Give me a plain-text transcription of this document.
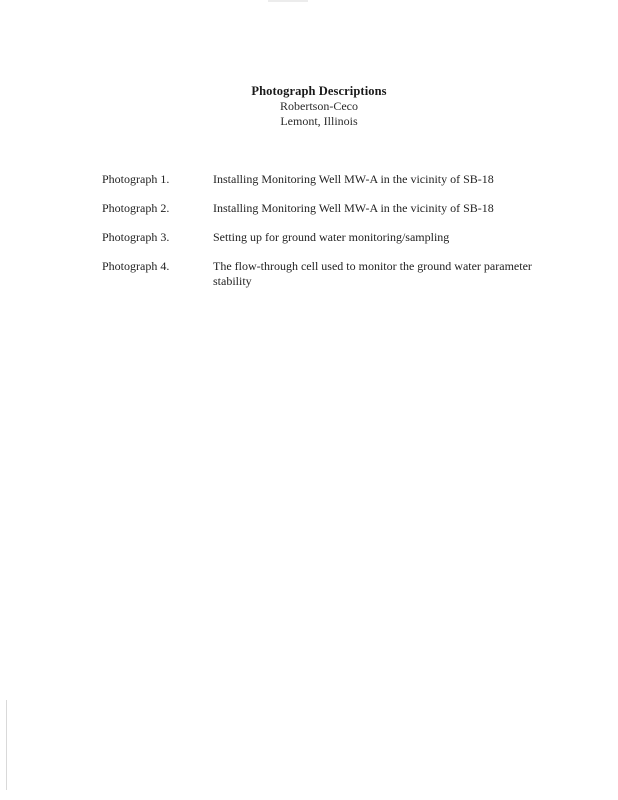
Photograph Descriptions
Robertson-Ceco
Lemont, Illinois
Photograph 1.	Installing Monitoring Well MW-A in the vicinity of SB-18
Photograph 2.	Installing Monitoring Well MW-A in the vicinity of SB-18
Photograph 3.	Setting up for ground water monitoring/sampling
Photograph 4.	The flow-through cell used to monitor the ground water parameter stability
